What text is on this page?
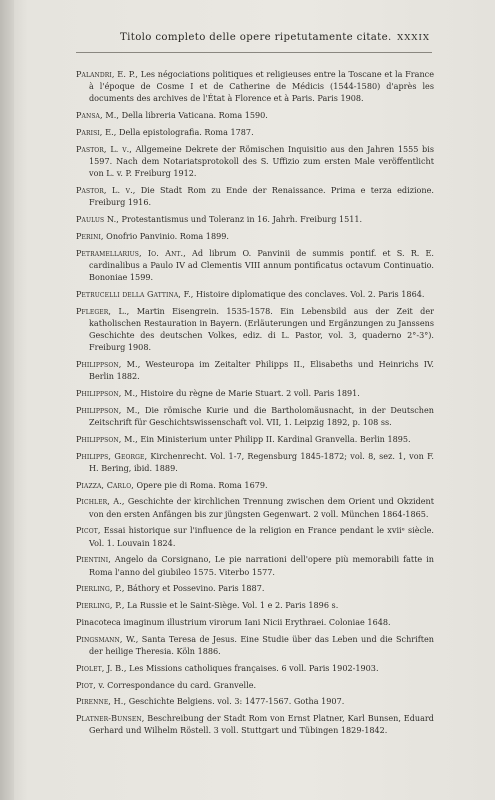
Titolo completo delle opere ripetutamente citate. XXXIX
Palandri, E. P., Les négociations politiques et religieuses entre la Toscane et la France à l'époque de Cosme I et de Catherine de Médicis (1544-1580) d'après les documents des archives de l'État à Florence et à Paris. Paris 1908.
Pansa, M., Della libreria Vaticana. Roma 1590.
Parisi, E., Della epistolografia. Roma 1787.
Pastor, L. v., Allgemeine Dekrete der Römischen Inquisitio aus den Jahren 1555 bis 1597. Nach dem Notariatsprotokoll des S. Uffizio zum ersten Male veröffentlicht von L. v. P. Freiburg 1912.
Pastor, L. v., Die Stadt Rom zu Ende der Renaissance. Prima e terza edizione. Freiburg 1916.
Paulus N., Protestantismus und Toleranz in 16. Jahrh. Freiburg 1511.
Perini, Onofrio Panvinio. Roma 1899.
Petramellarius, Io. Ant., Ad librum O. Panvinii de summis pontif. et S. R. E. cardinalibus a Paulo IV ad Clementis VIII annum pontificatus octavum Continuatio. Bononiae 1599.
Petrucelli della Gattina, F., Histoire diplomatique des conclaves. Vol. 2. Paris 1864.
Pfleger, L., Martin Eisengrein. 1535-1578. Ein Lebensbild aus der Zeit der katholischen Restauration in Bayern. (Erläuterungen und Ergänzungen zu Janssens Geschichte des deutschen Volkes, edіz. di L. Pastor, vol. 3, quaderno 2°-3°). Freiburg 1908.
Philippson, M., Westeuropa im Zeitalter Philipps II., Elisabeths und Heinrichs IV. Berlin 1882.
Philippson, M., Histoire du règne de Marie Stuart. 2 voll. Paris 1891.
Philippson, M., Die römische Kurie und die Bartholomäusnacht, in der Deutschen Zeitschrift für Geschichtswissenschaft vol. VII, 1. Leipzig 1892, p. 108 ss.
Philippson, M., Ein Ministerium unter Philipp II. Kardinal Granvella. Berlin 1895.
Philipps, George, Kirchenrecht. Vol. 1-7, Regensburg 1845-1872; vol. 8, sez. 1, von F. H. Bering, ibid. 1889.
Piazza, Carlo, Opere pie di Roma. Roma 1679.
Pichler, A., Geschichte der kirchlichen Trennung zwischen dem Orient und Okzident von den ersten Anfängen bis zur jüngsten Gegenwart. 2 voll. München 1864-1865.
Picot, Essai historique sur l'influence de la religion en France pendant le xviiᵉ siècle. Vol. 1. Louvain 1824.
Pientini, Angelo da Corsignano, Le pie narrationi dell'opere più memorabili fatte in Roma l'anno del giubileo 1575. Viterbo 1577.
Pierling, P., Báthory et Possevino. Paris 1887.
Pierling, P., La Russie et le Saint-Siège. Vol. 1 e 2. Paris 1896 s.
Pinacoteca imaginum illustrium virorum Iani Nicii Erythraei. Coloniae 1648.
Pingsmann, W., Santa Teresa de Jesus. Eine Studie über das Leben und die Schriften der heilige Theresia. Köln 1886.
Piolet, J. B., Les Missions catholiques françaises. 6 voll. Paris 1902-1903.
Piot, v. Correspondance du card. Granvelle.
Pirenne, H., Geschichte Belgiens. vol. 3: 1477-1567. Gotha 1907.
Platner-Bunsen, Beschreibung der Stadt Rom von Ernst Platner, Karl Bunsen, Eduard Gerhard und Wilhelm Röstell. 3 voll. Stuttgart und Tübingen 1829-1842.
